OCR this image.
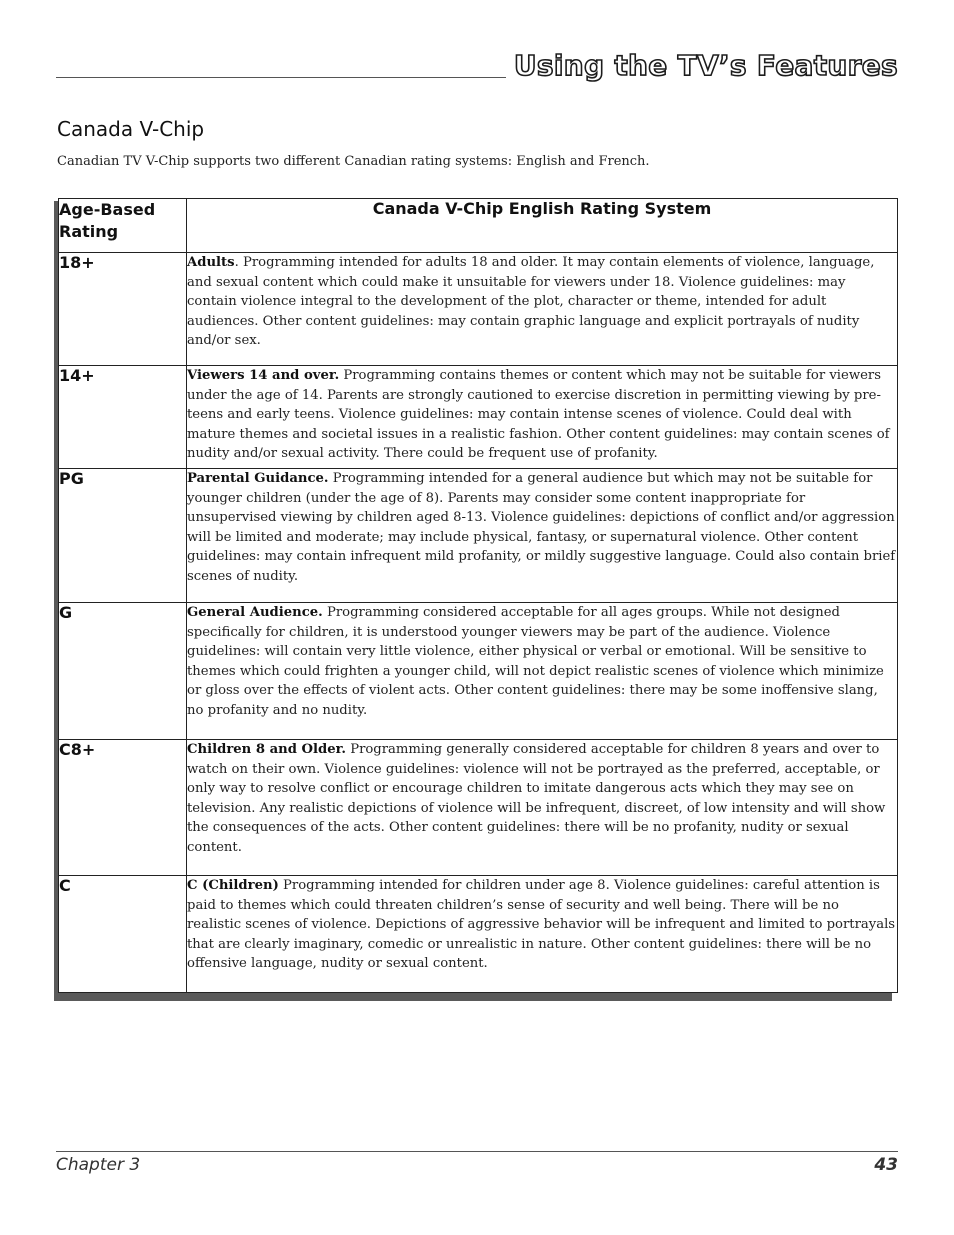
Using the TV’s Features
Canada V-Chip

Canadian TV V-Chip supports two different Canadian rating systems: English and French.

Age-Based Rating	Canada V-Chip English Rating System
18+	Adults. Programming intended for adults 18 and older. It may contain elements of violence, language, and sexual content which could make it unsuitable for viewers under 18. Violence guidelines: may contain violence integral to the development of the plot, character or theme, intended for adult audiences. Other content guidelines: may contain graphic language and explicit portrayals of nudity and/or sex.
14+	Viewers 14 and over. Programming contains themes or content which may not be suitable for viewers under the age of 14. Parents are strongly cautioned to exercise discretion in permitting viewing by pre-teens and early teens. Violence guidelines: may contain intense scenes of violence. Could deal with mature themes and societal issues in a realistic fashion. Other content guidelines: may contain scenes of nudity and/or sexual activity. There could be frequent use of profanity.
PG	Parental Guidance. Programming intended for a general audience but which may not be suitable for younger children (under the age of 8). Parents may consider some content inappropriate for unsupervised viewing by children aged 8-13. Violence guidelines: depictions of conflict and/or aggression will be limited and moderate; may include physical, fantasy, or supernatural violence. Other content guidelines: may contain infrequent mild profanity, or mildly suggestive language. Could also contain brief scenes of nudity.
G	General Audience. Programming considered acceptable for all ages groups. While not designed specifically for children, it is understood younger viewers may be part of the audience. Violence guidelines: will contain very little violence, either physical or verbal or emotional. Will be sensitive to themes which could frighten a younger child, will not depict realistic scenes of violence which minimize or gloss over the effects of violent acts. Other content guidelines: there may be some inoffensive slang, no profanity and no nudity.
C8+	Children 8 and Older. Programming generally considered acceptable for children 8 years and over to watch on their own. Violence guidelines: violence will not be portrayed as the preferred, acceptable, or only way to resolve conflict or encourage children to imitate dangerous acts which they may see on television. Any realistic depictions of violence will be infrequent, discreet, of low intensity and will show the consequences of the acts. Other content guidelines: there will be no profanity, nudity or sexual content.
C	C (Children) Programming intended for children under age 8. Violence guidelines: careful attention is paid to themes which could threaten children’s sense of security and well being. There will be no realistic scenes of violence. Depictions of aggressive behavior will be infrequent and limited to portrayals that are clearly imaginary, comedic or unrealistic in nature. Other content guidelines: there will be no offensive language, nudity or sexual content.
Chapter 3	43
